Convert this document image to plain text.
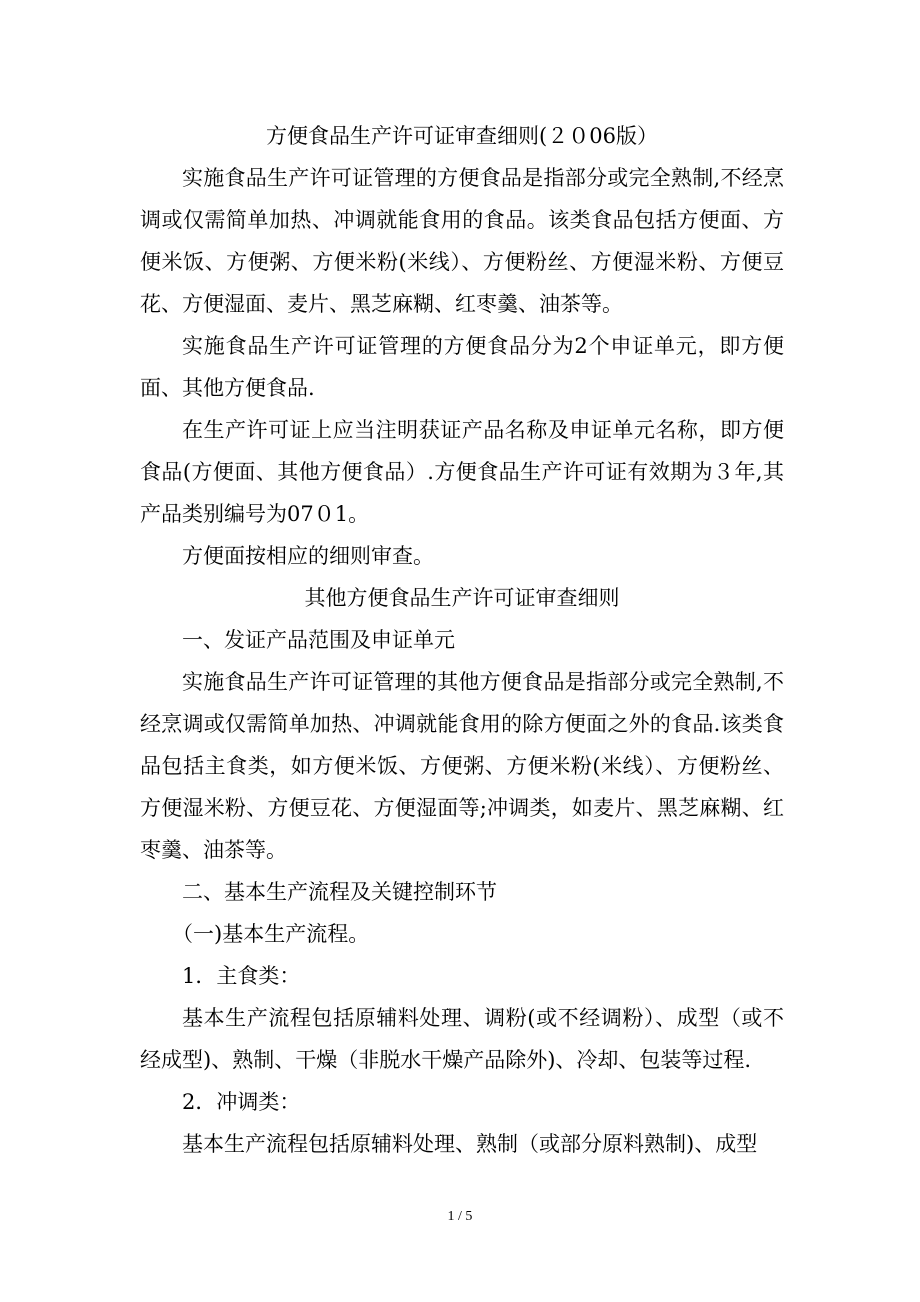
方便食品生产许可证审查细则(２０06版）

实施食品生产许可证管理的方便食品是指部分或完全熟制,不经烹调或仅需简单加热、冲调就能食用的食品。该类食品包括方便面、方便米饭、方便粥、方便米粉(米线）、方便粉丝、方便湿米粉、方便豆花、方便湿面、麦片、黑芝麻糊、红枣羹、油茶等。

实施食品生产许可证管理的方便食品分为2个申证单元，即方便面、其他方便食品.

在生产许可证上应当注明获证产品名称及申证单元名称，即方便食品(方便面、其他方便食品）.方便食品生产许可证有效期为３年,其产品类别编号为07０1。

方便面按相应的细则审查。

其他方便食品生产许可证审查细则

一、发证产品范围及申证单元

实施食品生产许可证管理的其他方便食品是指部分或完全熟制,不经烹调或仅需简单加热、冲调就能食用的除方便面之外的食品.该类食品包括主食类，如方便米饭、方便粥、方便米粉(米线）、方便粉丝、方便湿米粉、方便豆花、方便湿面等;冲调类，如麦片、黑芝麻糊、红枣羹、油茶等。

二、基本生产流程及关键控制环节

（一)基本生产流程。

1．主食类：

基本生产流程包括原辅料处理、调粉(或不经调粉）、成型（或不经成型)、熟制、干燥（非脱水干燥产品除外)、冷却、包装等过程.

2．冲调类：

基本生产流程包括原辅料处理、熟制（或部分原料熟制)、成型

1 / 5
